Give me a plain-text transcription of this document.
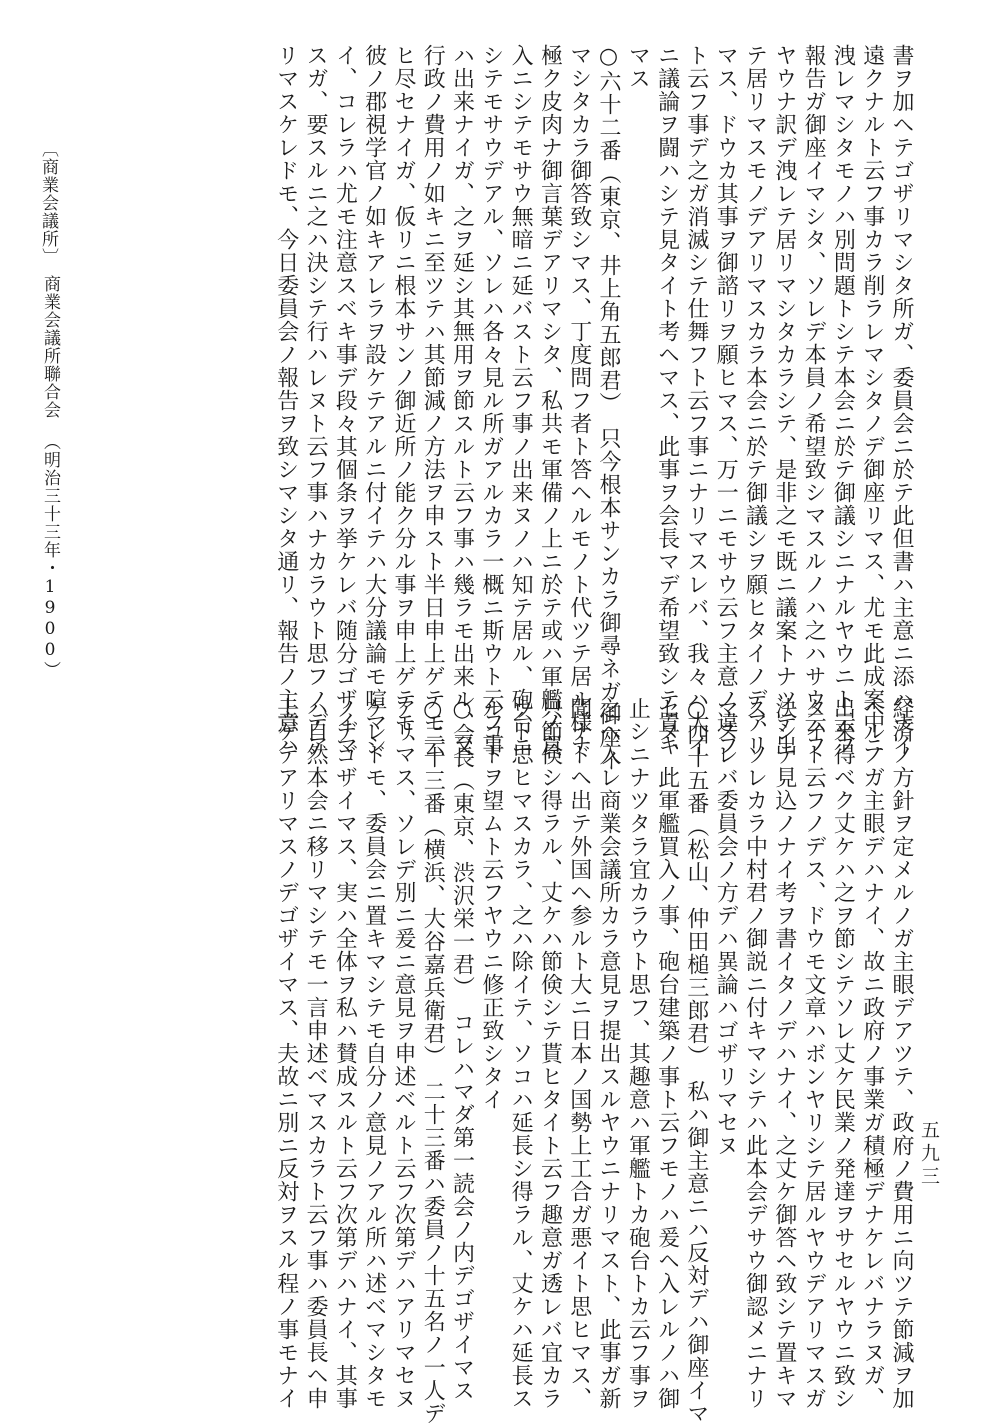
書ヲ加ヘテゴザリマシタ所ガ、委員会ニ於テ此但書ハ主意ニ添ハナイ
遠クナルト云フ事カラ削ラレマシタノデ御座リマス、尤モ此成案中ニ
洩レマシタモノハ別問題トシテ本会ニ於テ御議シニナルヤウニト云フ
報告ガ御座イマシタ、ソレデ本員ノ希望致シマスルノハ之ハサウ云フ
ヤウナ訳デ洩レテ居リマシタカラシテ、是非之モ既ニ議案トナツテ出
テ居リマスモノデアリマスカラ本会ニ於テ御議シヲ願ヒタイノデアリ
マス、ドウカ其事ヲ御諮リヲ願ヒマス、万一ニモサウ云フ主意ノ違フ
ト云フ事デ之ガ消滅シテ仕舞フト云フ事ニナリマスレバ、我々ハ大イ
ニ議論ヲ闘ハシテ見タイト考ヘマス、此事ヲ会長マデ希望致シテ置キ
マス
○六十二番（東京、井上角五郎君）　只今根本サンカラ御尋ネガ御座イ
マシタカラ御答致シマス、丁度問フ者ト答ヘルモノト代ツテ居ル様ナ
極ク皮肉ナ御言葉デアリマシタ、私共モ軍備ノ上ニ於テ或ハ軍艦ノ買
入ニシテモサウ無暗ニ延バスト云フ事ノ出来ヌノハ知テ居ル、砲台ニ
シテモサウデアル、ソレハ各々見ル所ガアルカラ一概ニ斯ウト云フ事
ハ出来ナイガ、之ヲ延シ其無用ヲ節スルト云フ事ハ幾ラモ出来ル、又
行政ノ費用ノ如キニ至ツテハ其節減ノ方法ヲ申スト半日申上ゲテモ云
ヒ尽セナイガ、仮リニ根本サンノ御近所ノ能ク分ル事ヲ申上ゲテモ、
彼ノ郡視学官ノ如キアレラヲ設ケテアルニ付イテハ大分議論モ喧マシ
イ、コレラハ尤モ注意スベキ事デ段々其個条ヲ挙ケレバ随分ゴザイマ
スガ、要スルニ之ハ決シテ行ハレヌト云フ事ハナカラウト思フノデア
リマスケレドモ、今日委員会ノ報告ヲ致シマシタ通リ、報告ノ主意ハ
経済ノ方針ヲ定メルノガ主眼デアツテ、政府ノ費用ニ向ツテ節減ヲ加
ヘルノガ主眼デハナイ、故ニ政府ノ事業ガ積極デナケレバナラヌガ、
出来得ベク丈ケハ之ヲ節シテソレ丈ケ民業ノ発達ヲサセルヤウニ致シ
タイト云フノデス、ドウモ文章ハボンヤリシテ居ルヤウデアリマスガ
決シテ見込ノナイ考ヲ書イタノデハナイ、之丈ケ御答ヘ致シテ置キマ
ス、ソレカラ中村君ノ御説ニ付キマシテハ此本会デサウ御認メニナリ
マスレバ委員会ノ方デハ異論ハゴザリマセヌ
○四十五番（松山、仲田槌三郎君）　私ハ御主意ニハ反対デハ御座イマ
セヌ、此軍艦買入ノ事、砲台建築ノ事ト云フモノハ爰ヘ入レルノハ御
止シニナツタラ宜カラウト思フ、其趣意ハ軍艦トカ砲台トカ云フ事ヲ
之ヘ入レ商業会議所カラ意見ヲ提出スルヤウニナリマスト、此事ガ新
聞ナドヘ出テ外国ヘ参ルト大ニ日本ノ国勢上工合ガ悪イト思ヒマス、
只節倹シ得ラル、丈ケハ節倹シテ貰ヒタイト云フ趣意ガ透レバ宜カラ
ウト思ヒマスカラ、之ハ除イテ、ソコハ延長シ得ラル、丈ケハ延長ス
ルコトヲ望ムト云フヤウニ修正致シタイ
○会長（東京、渋沢栄一君）　コレハマダ第一読会ノ内デゴザイマス
○二十三番（横浜、大谷嘉兵衛君）　二十三番ハ委員ノ十五名ノ一人デ
アリマス、ソレデ別ニ爰ニ意見ヲ申述ベルト云フ次第デハアリマセヌ
ケレドモ、委員会ニ置キマシテモ自分ノ意見ノアル所ハ述ベマシタモ
ノデゴザイマス、実ハ全体ヲ私ハ賛成スルト云フ次第デハナイ、其事
ハ自然本会ニ移リマシテモ一言申述ベマスカラト云フ事ハ委員長ヘ申
上ゲテアリマスノデゴザイマス、夫故ニ別ニ反対ヲスル程ノ事モナイ
〔商業会議所〕
商業会議所聯合会（明治三十三年・1900）
五九三
